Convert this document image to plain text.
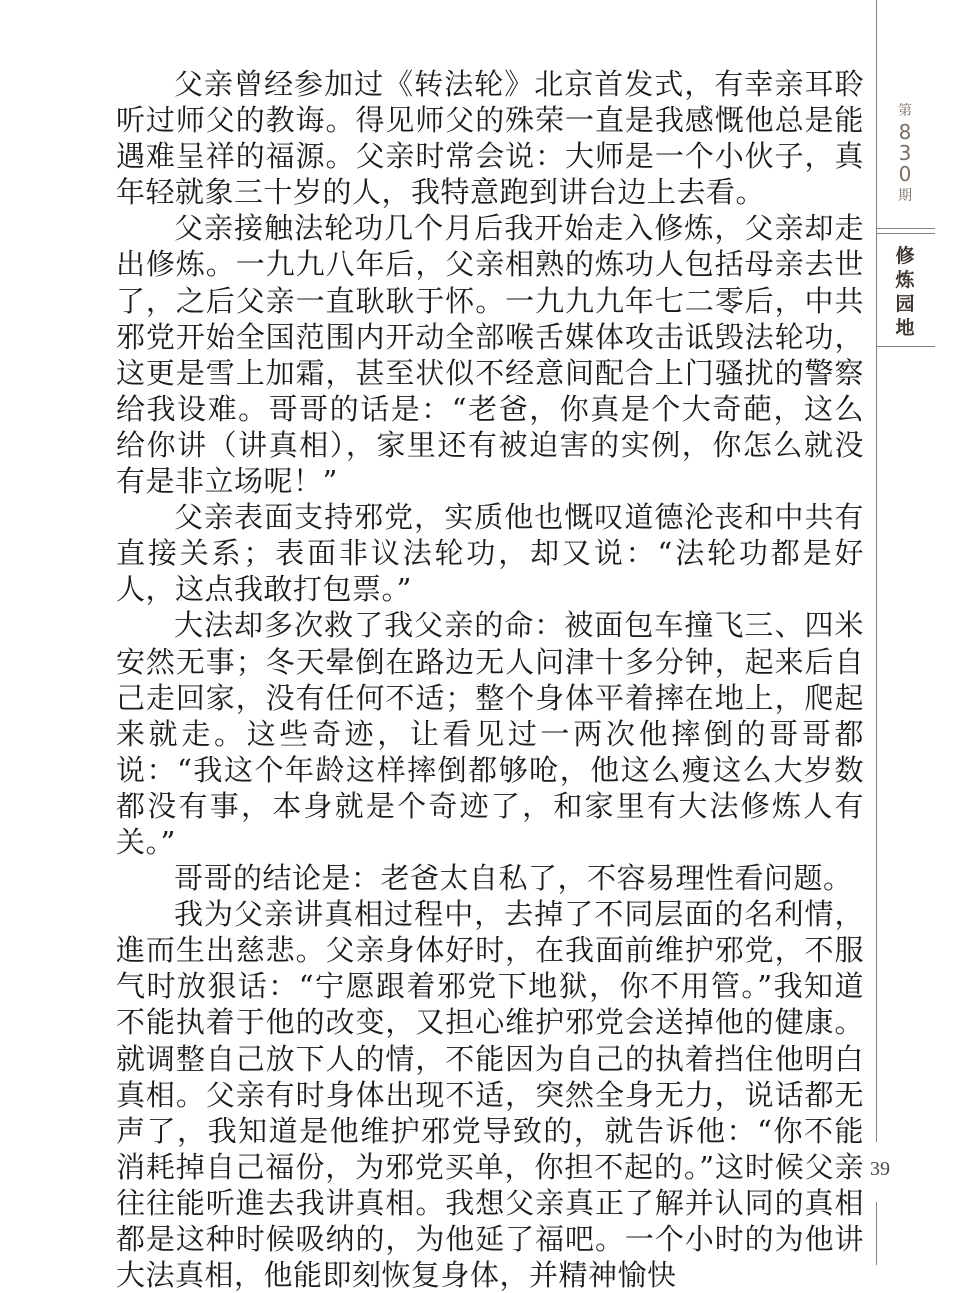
父亲曾经参加过《转法轮》北京首发式，有幸亲耳聆听过师父的教诲。得见师父的殊荣一直是我感慨他总是能遇难呈祥的福源。父亲时常会说：大师是一个小伙子，真年轻就象三十岁的人，我特意跑到讲台边上去看。

父亲接触法轮功几个月后我开始走入修炼，父亲却走出修炼。一九九八年后，父亲相熟的炼功人包括母亲去世了，之后父亲一直耿耿于怀。一九九九年七二零后，中共邪党开始全国范围内开动全部喉舌媒体攻击诋毁法轮功，这更是雪上加霜，甚至状似不经意间配合上门骚扰的警察给我设难。哥哥的话是：“老爸，你真是个大奇葩，这么给你讲（讲真相），家里还有被迫害的实例，你怎么就没有是非立场呢！”

父亲表面支持邪党，实质他也慨叹道德沦丧和中共有直接关系；表面非议法轮功，却又说：“法轮功都是好人，这点我敢打包票。”

大法却多次救了我父亲的命：被面包车撞飞三、四米安然无事；冬天晕倒在路边无人问津十多分钟，起来后自己走回家，没有任何不适；整个身体平着摔在地上，爬起来就走。这些奇迹，让看见过一两次他摔倒的哥哥都说：“我这个年龄这样摔倒都够呛，他这么瘦这么大岁数都没有事，本身就是个奇迹了，和家里有大法修炼人有关。”

哥哥的结论是：老爸太自私了，不容易理性看问题。

我为父亲讲真相过程中，去掉了不同层面的名利情，進而生出慈悲。父亲身体好时，在我面前维护邪党，不服气时放狠话：“宁愿跟着邪党下地狱，你不用管。”我知道不能执着于他的改变，又担心维护邪党会送掉他的健康。就调整自己放下人的情，不能因为自己的执着挡住他明白真相。父亲有时身体出现不适，突然全身无力，说话都无声了，我知道是他维护邪党导致的，就告诉他：“你不能消耗掉自己福份，为邪党买单，你担不起的。”这时候父亲往往能听進去我讲真相。我想父亲真正了解并认同的真相都是这种时候吸纳的，为他延了福吧。一个小时的为他讲大法真相，他能即刻恢复身体，并精神愉快

第
8
3
0
期
修
炼
园
地
39
